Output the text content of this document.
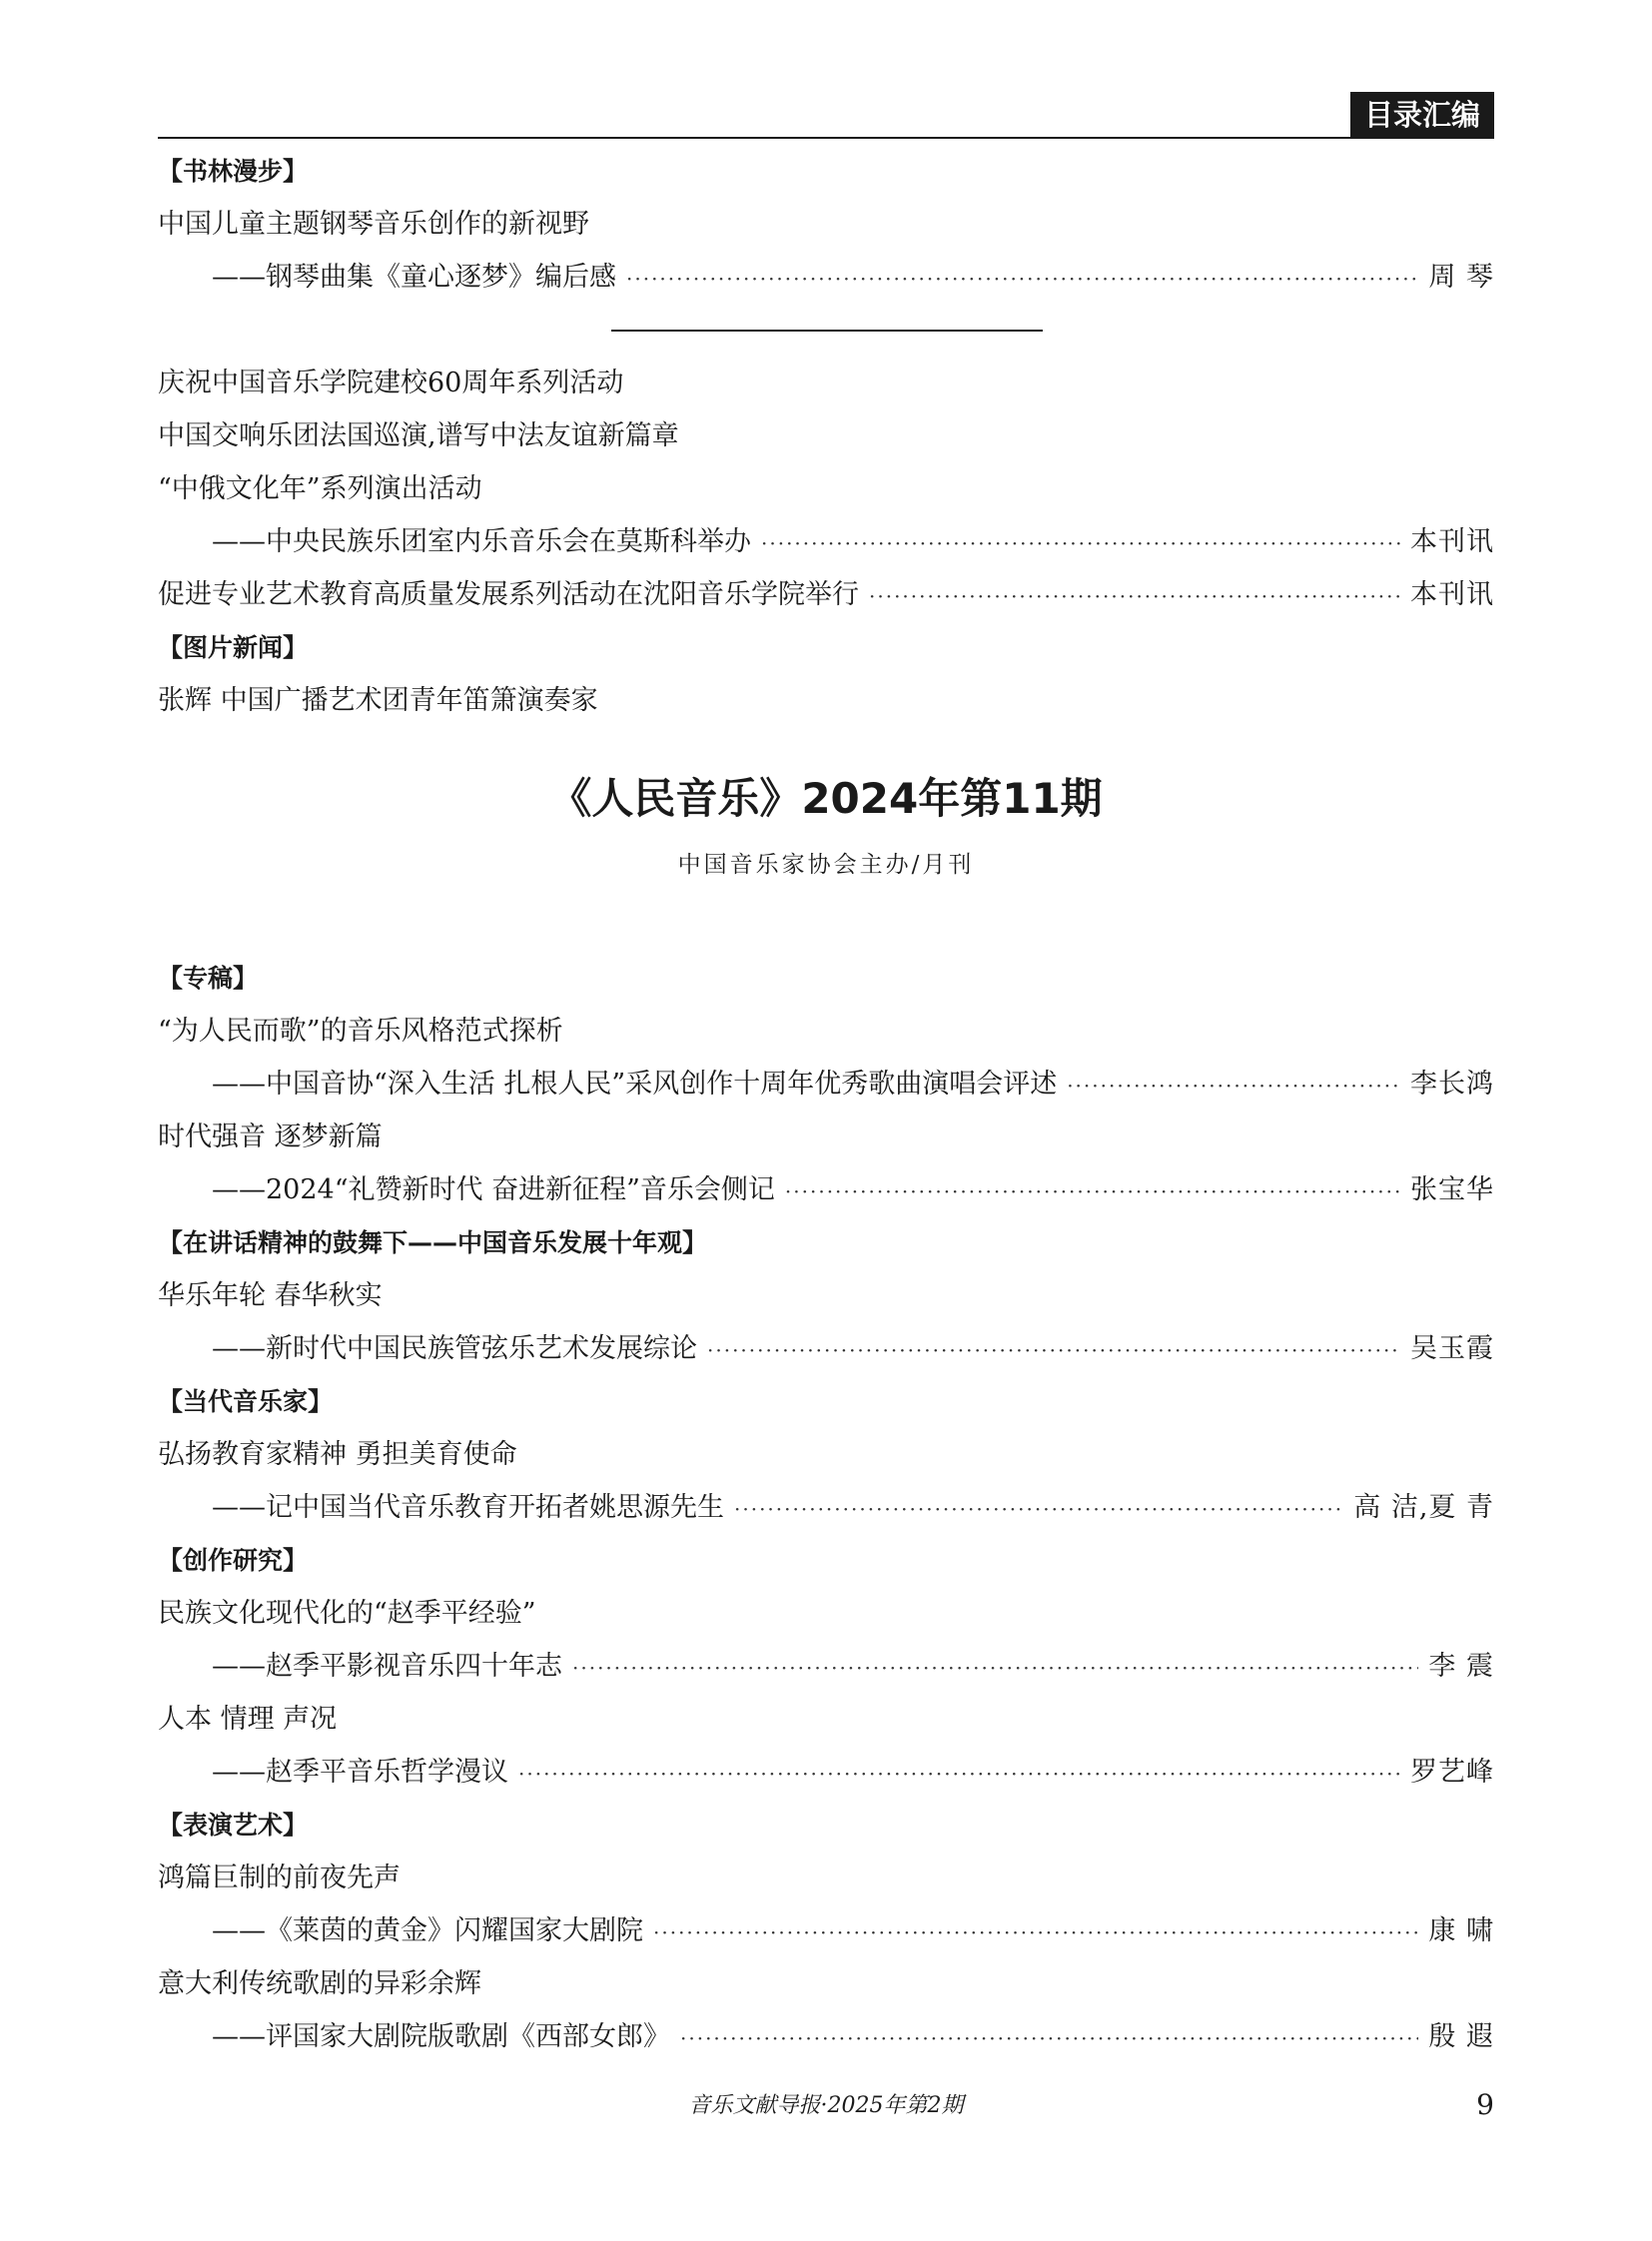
目录汇编
【书林漫步】
中国儿童主题钢琴音乐创作的新视野
——钢琴曲集《童心逐梦》编后感 ·····	周 琴
庆祝中国音乐学院建校60周年系列活动
中国交响乐团法国巡演,谱写中法友谊新篇章
“中俄文化年”系列演出活动
——中央民族乐团室内乐音乐会在莫斯科举办 ·····	本刊讯
促进专业艺术教育高质量发展系列活动在沈阳音乐学院举行 ·····	本刊讯
【图片新闻】
张辉 中国广播艺术团青年笛箫演奏家
《人民音乐》2024年第11期
中国音乐家协会主办/月刊
【专稿】
“为人民而歌”的音乐风格范式探析
——中国音协“深入生活 扎根人民”采风创作十周年优秀歌曲演唱会评述 ·····	李长鸿
时代强音 逐梦新篇
——2024“礼赞新时代 奋进新征程”音乐会侧记 ·····	张宝华
【在讲话精神的鼓舞下——中国音乐发展十年观】
华乐年轮 春华秋实
——新时代中国民族管弦乐艺术发展综论 ·····	吴玉霞
【当代音乐家】
弘扬教育家精神 勇担美育使命
——记中国当代音乐教育开拓者姚思源先生 ·····	高 洁,夏 青
【创作研究】
民族文化现代化的“赵季平经验”
——赵季平影视音乐四十年志 ·····	李 震
人本 情理 声况
——赵季平音乐哲学漫议 ·····	罗艺峰
【表演艺术】
鸿篇巨制的前夜先声
——《莱茵的黄金》闪耀国家大剧院 ·····	康 啸
意大利传统歌剧的异彩余辉
——评国家大剧院版歌剧《西部女郎》 ·····	殷 遐
音乐文献导报·2025年第2期	9
